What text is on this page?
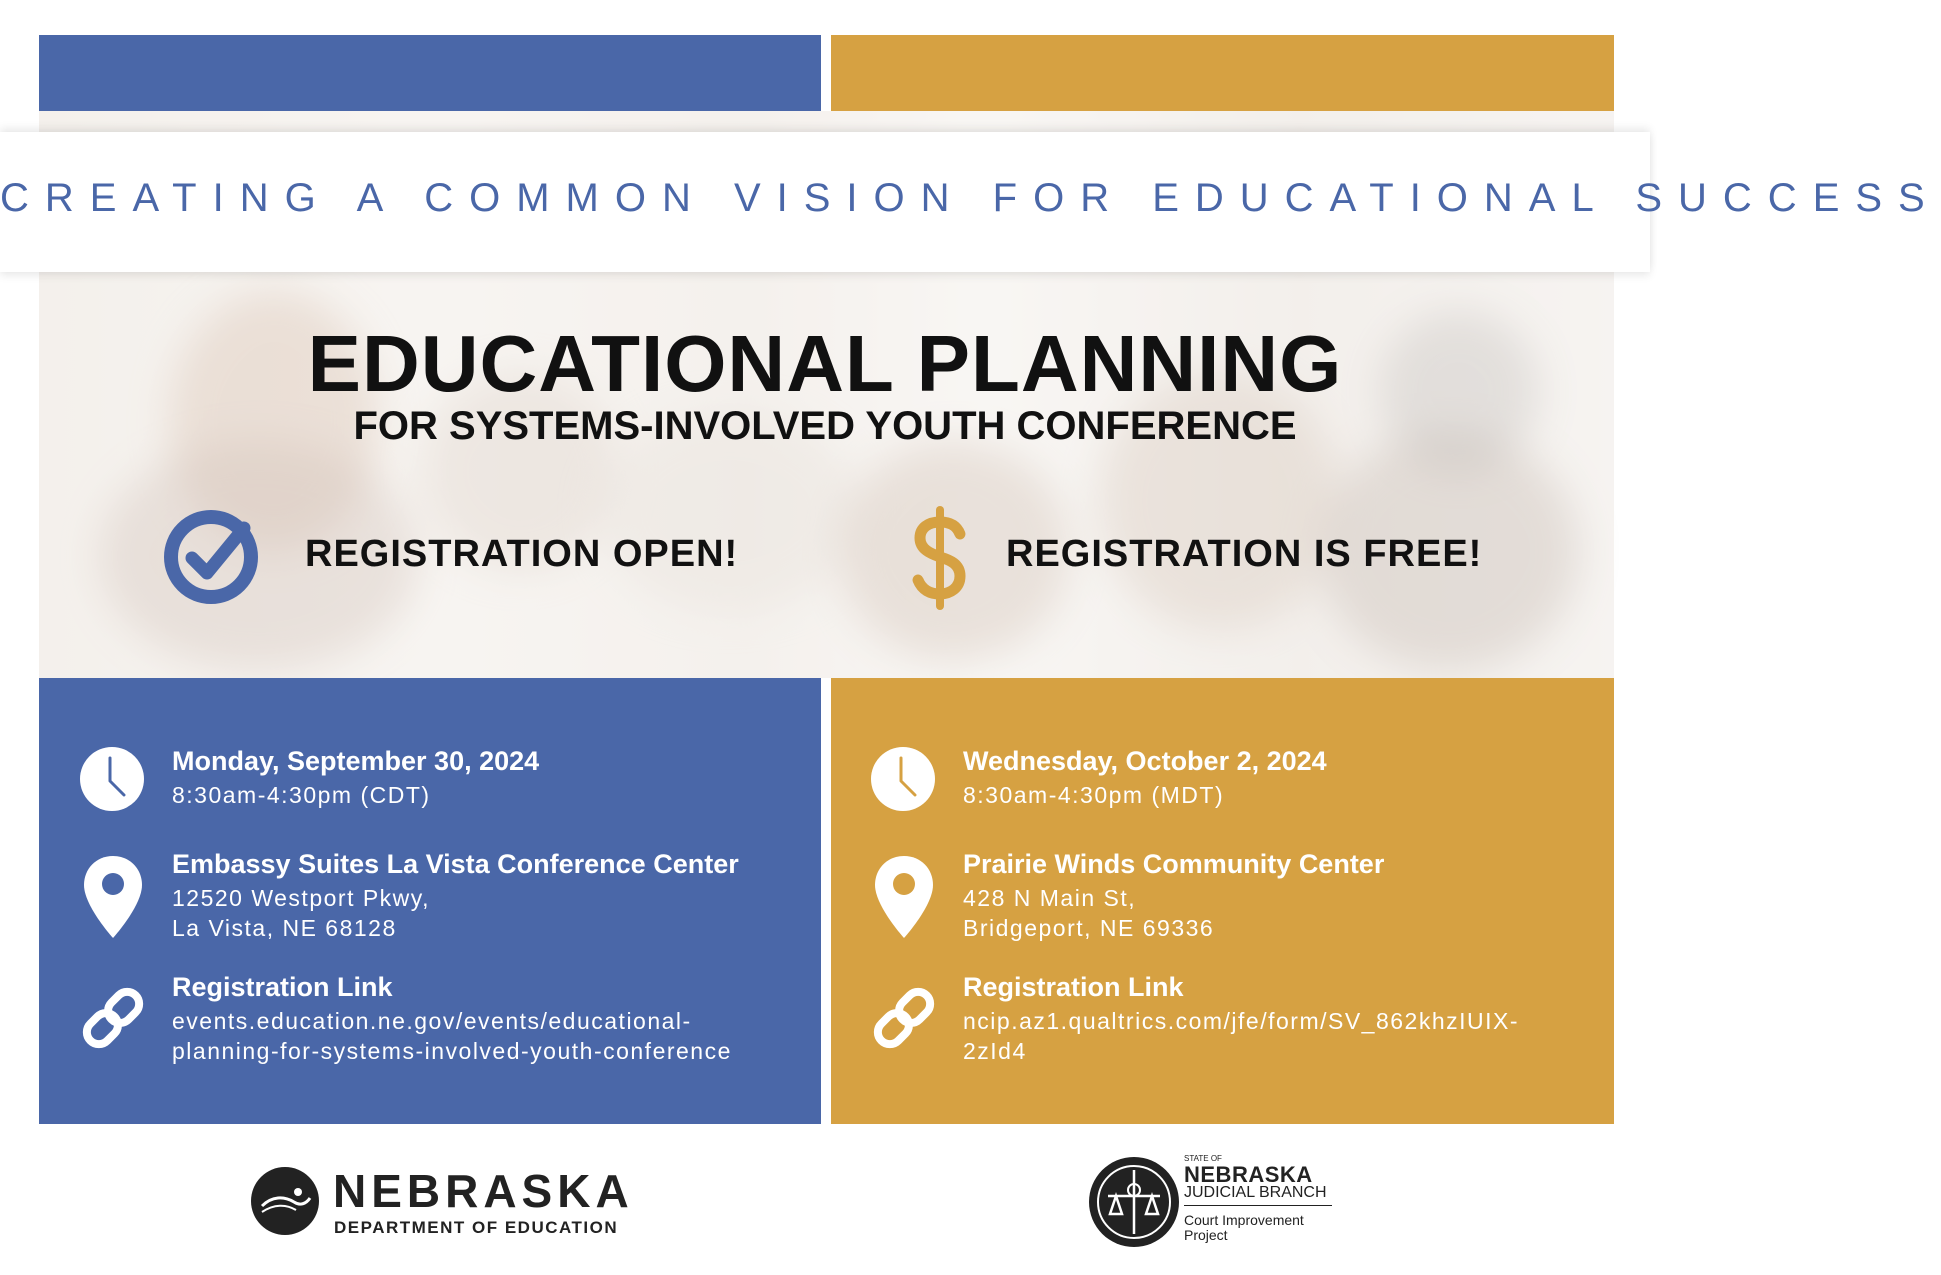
CREATING A COMMON VISION FOR EDUCATIONAL SUCCESS
EDUCATIONAL PLANNING
FOR SYSTEMS-INVOLVED YOUTH CONFERENCE
REGISTRATION OPEN!	REGISTRATION IS FREE!
Monday, September 30, 2024
8:30am-4:30pm (CDT)
Embassy Suites La Vista Conference Center
12520 Westport Pkwy,
La Vista, NE 68128
Registration Link
events.education.ne.gov/events/educational-
planning-for-systems-involved-youth-conference
Wednesday, October 2, 2024
8:30am-4:30pm (MDT)
Prairie Winds Community Center
428 N Main St,
Bridgeport, NE 69336
Registration Link
ncip.az1.qualtrics.com/jfe/form/SV_862khzIUIX-
2zId4
NEBRASKA
DEPARTMENT OF EDUCATION
STATE OF
NEBRASKA
JUDICIAL BRANCH
Court Improvement
Project
